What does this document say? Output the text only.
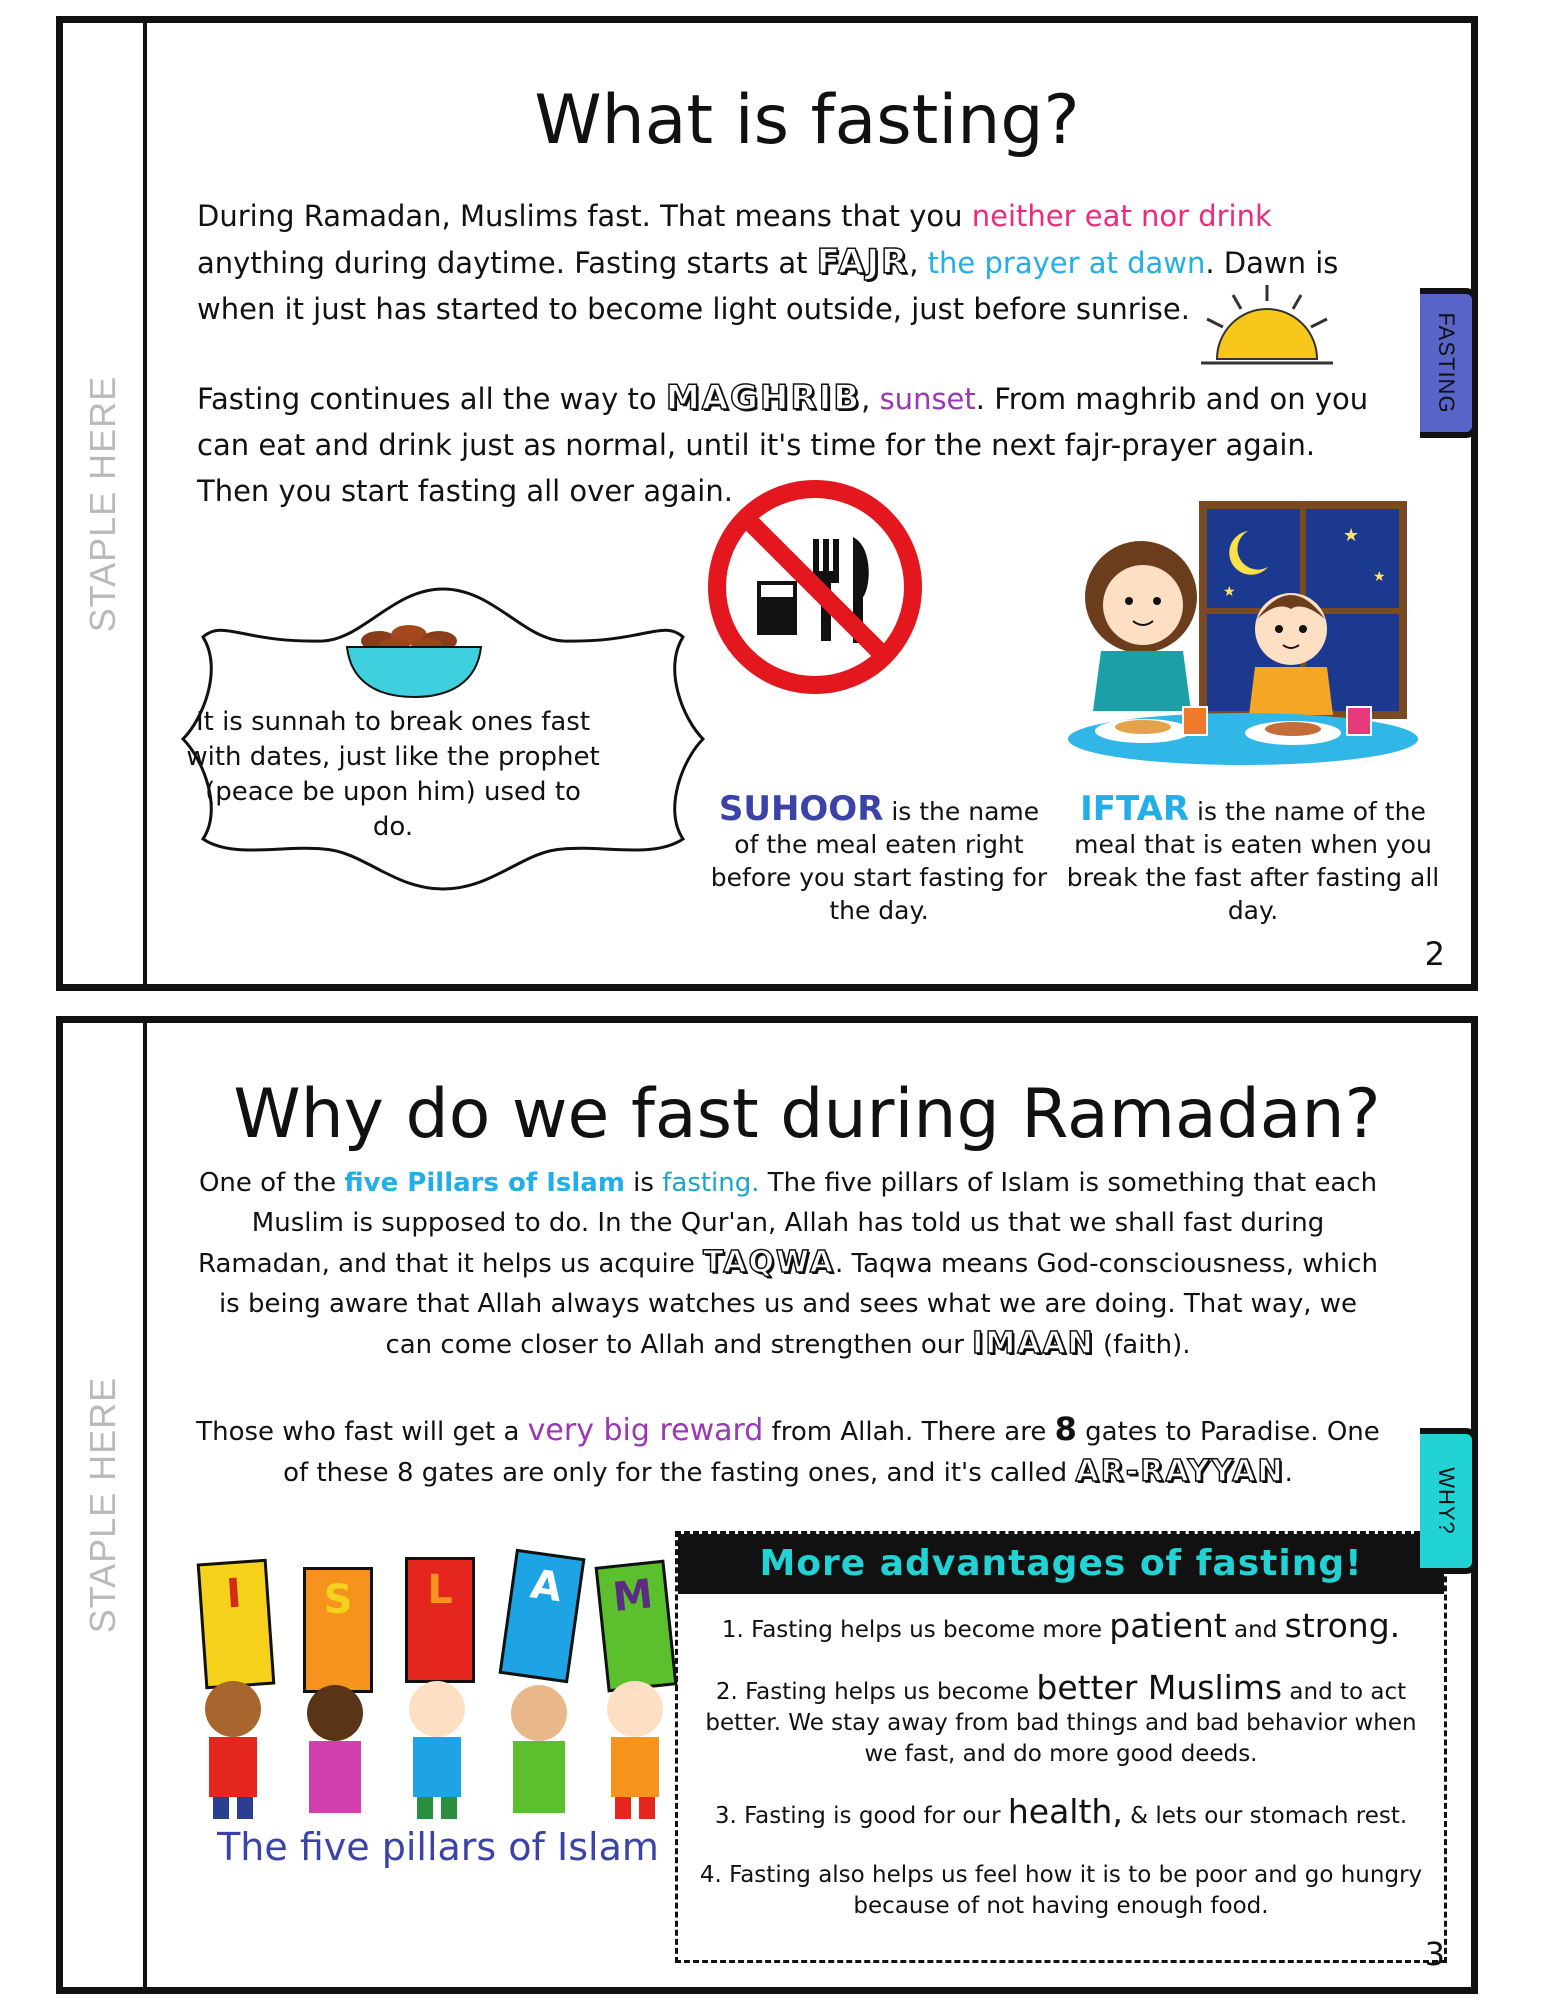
STAPLE HERE
What is fasting?

During Ramadan, Muslims fast. That means that you neither eat nor drink anything during daytime. Fasting starts at FAJR, the prayer at dawn. Dawn is when it just has started to become light outside, just before sunrise.

Fasting continues all the way to MAGHRIB, sunset. From maghrib and on you can eat and drink just as normal, until it's time for the next fajr-prayer again. Then you start fasting all over again.

It is sunnah to break ones fast with dates, just like the prophet (peace be upon him) used to do.

★
★
★

SUHOOR is the name of the meal eaten right before you start fasting for the day.

IFTAR is the name of the meal that is eaten when you break the fast after fasting all day.

2
FASTING
STAPLE HERE
Why do we fast during Ramadan?

One of the five Pillars of Islam is fasting. The five pillars of Islam is something that each Muslim is supposed to do. In the Qur'an, Allah has told us that we shall fast during Ramadan, and that it helps us acquire TAQWA. Taqwa means God-consciousness, which is being aware that Allah always watches us and sees what we are doing. That way, we can come closer to Allah and strengthen our IMAAN (faith).

Those who fast will get a very big reward from Allah. There are 8 gates to Paradise. One of these 8 gates are only for the fasting ones, and it's called AR-RAYYAN.

I	S	L	A	M
The five pillars of Islam
More advantages of fasting!

1. Fasting helps us become more patient and strong.

2. Fasting helps us become better Muslims and to act better. We stay away from bad things and bad behavior when we fast, and do more good deeds.

3. Fasting is good for our health, & lets our stomach rest.

4. Fasting also helps us feel how it is to be poor and go hungry because of not having enough food.

3
WHY?
